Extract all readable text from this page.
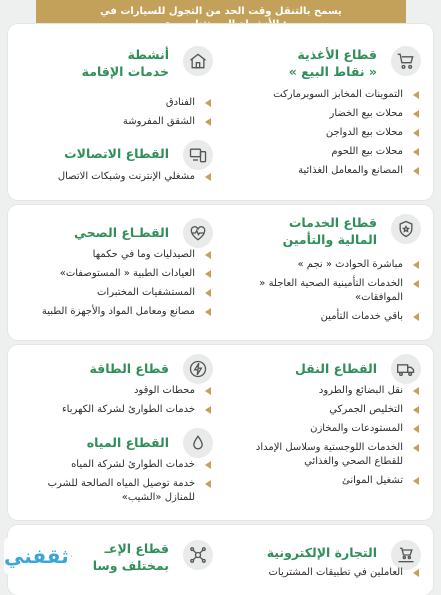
يسمح بالتنقل وقت الحد من التجول للسيارات في
قطاع الأغذية
« نقاط البيع »
التموينات المخابز السوبرماركت
محلات بيع الخضار
محلات بيع الدواجن
محلات بيع اللحوم
المصانع والمعامل الغذائية
أنشطة
خدمات الإقامة
الفنادق
الشقق المفروشة
القطاع الاتصالات
مشغلي الإنترنت وشبكات الاتصال
قطاع الخدمات
المالية والتأمين
مباشرة الحوادث « نجم »
الخدمات التأمينية الصحية العاجلة « الموافقات»
باقي خدمات التأمين
القطـاع الصحي
الصيدليات وما في حكمها
العيادات الطبية « المستوصفات»
المستشفيات المختبرات
مصانع ومعامل المواد والأجهزة الطبية
القطاع النقل
نقل البضائع والطرود
التخليص الجمركي
المستودعات والمخازن
الخدمات اللوجستية وسلاسل الإمداد للقطاع الصحي والغذائي
تشغيل الموانئ
قطاع الطاقة
محطات الوقود
خدمات الطوارئ لشركة الكهرباء
القطاع المياه
خدمات الطوارئ لشركة المياه
خدمة توصيل المياه الصالحة للشرب للمنازل «الشيب»
التجارة الإلكترونية
العاملين في تطبيقات المشتريات
قطاع الإعـ
بمختلف وسا
ثقفني
